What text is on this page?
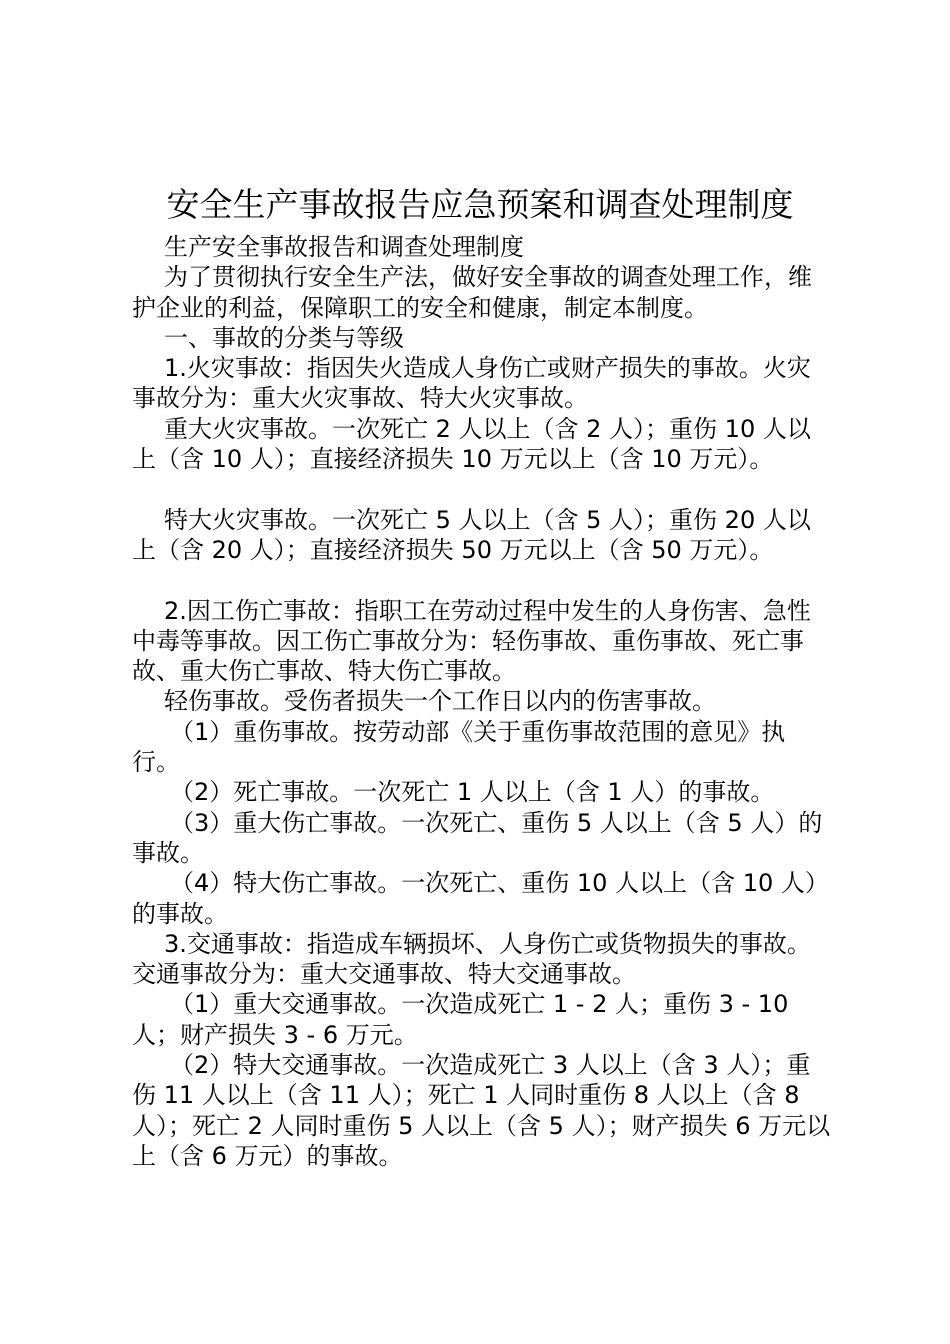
安全生产事故报告应急预案和调查处理制度

生产安全事故报告和调查处理制度

为了贯彻执行安全生产法，做好安全事故的调查处理工作，维护企业的利益，保障职工的安全和健康，制定本制度。

一、事故的分类与等级

1.火灾事故：指因失火造成人身伤亡或财产损失的事故。火灾事故分为：重大火灾事故、特大火灾事故。

重大火灾事故。一次死亡 2 人以上（含 2 人）；重伤 10 人以上（含 10 人）；直接经济损失 10 万元以上（含 10 万元）。

特大火灾事故。一次死亡 5 人以上（含 5 人）；重伤 20 人以上（含 20 人）；直接经济损失 50 万元以上（含 50 万元）。

2.因工伤亡事故：指职工在劳动过程中发生的人身伤害、急性中毒等事故。因工伤亡事故分为：轻伤事故、重伤事故、死亡事故、重大伤亡事故、特大伤亡事故。

轻伤事故。受伤者损失一个工作日以内的伤害事故。

（1）重伤事故。按劳动部《关于重伤事故范围的意见》执行。

（2）死亡事故。一次死亡 1 人以上（含 1 人）的事故。

（3）重大伤亡事故。一次死亡、重伤 5 人以上（含 5 人）的事故。

（4）特大伤亡事故。一次死亡、重伤 10 人以上（含 10 人）的事故。

3.交通事故：指造成车辆损坏、人身伤亡或货物损失的事故。交通事故分为：重大交通事故、特大交通事故。

（1）重大交通事故。一次造成死亡 1 - 2 人；重伤 3 - 10 人；财产损失 3 - 6 万元。

（2）特大交通事故。一次造成死亡 3 人以上（含 3 人）；重伤 11 人以上（含 11 人）；死亡 1 人同时重伤 8 人以上（含 8 人）；死亡 2 人同时重伤 5 人以上（含 5 人）；财产损失 6 万元以上（含 6 万元）的事故。
